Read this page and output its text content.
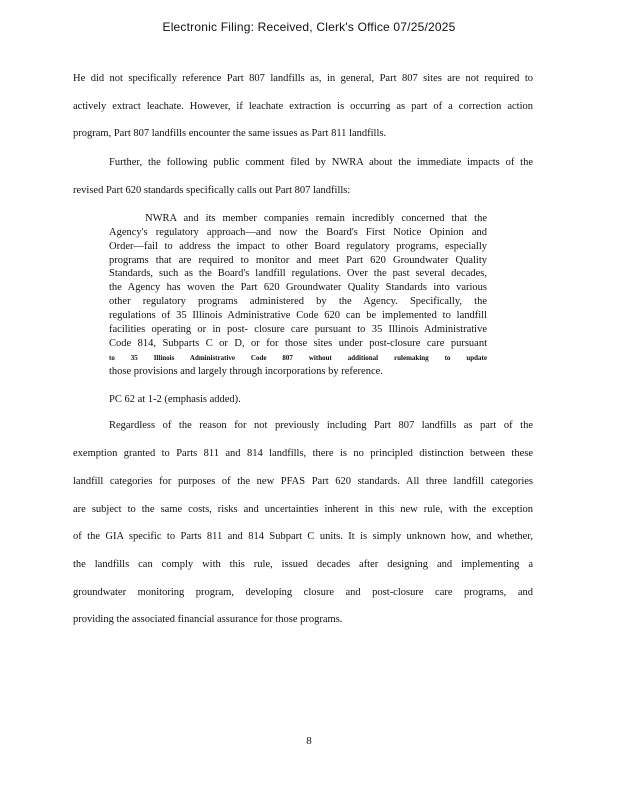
Electronic Filing: Received, Clerk's Office 07/25/2025
He did not specifically reference Part 807 landfills as, in general, Part 807 sites are not required to
actively extract leachate. However, if leachate extraction is occurring as part of a correction action
program, Part 807 landfills encounter the same issues as Part 811 landfills.
Further, the following public comment filed by NWRA about the immediate impacts of the
revised Part 620 standards specifically calls out Part 807 landfills:
NWRA and its member companies remain incredibly concerned that the
Agency's regulatory approach—and now the Board's First Notice Opinion and
Order—fail to address the impact to other Board regulatory programs, especially
programs that are required to monitor and meet Part 620 Groundwater Quality
Standards, such as the Board's landfill regulations. Over the past several decades,
the Agency has woven the Part 620 Groundwater Quality Standards into various
other regulatory programs administered by the Agency. Specifically, the
regulations of 35 Illinois Administrative Code 620 can be implemented to landfill
facilities operating or in post- closure care pursuant to 35 Illinois Administrative
Code 814, Subparts C or D, or for those sites under post-closure care pursuant
to 35 Illinois Administrative Code 807 without additional rulemaking to update
those provisions and largely through incorporations by reference.
PC 62 at 1-2 (emphasis added).
Regardless of the reason for not previously including Part 807 landfills as part of the
exemption granted to Parts 811 and 814 landfills, there is no principled distinction between these
landfill categories for purposes of the new PFAS Part 620 standards. All three landfill categories
are subject to the same costs, risks and uncertainties inherent in this new rule, with the exception
of the GIA specific to Parts 811 and 814 Subpart C units. It is simply unknown how, and whether,
the landfills can comply with this rule, issued decades after designing and implementing a
groundwater monitoring program, developing closure and post-closure care programs, and
providing the associated financial assurance for those programs.
8
